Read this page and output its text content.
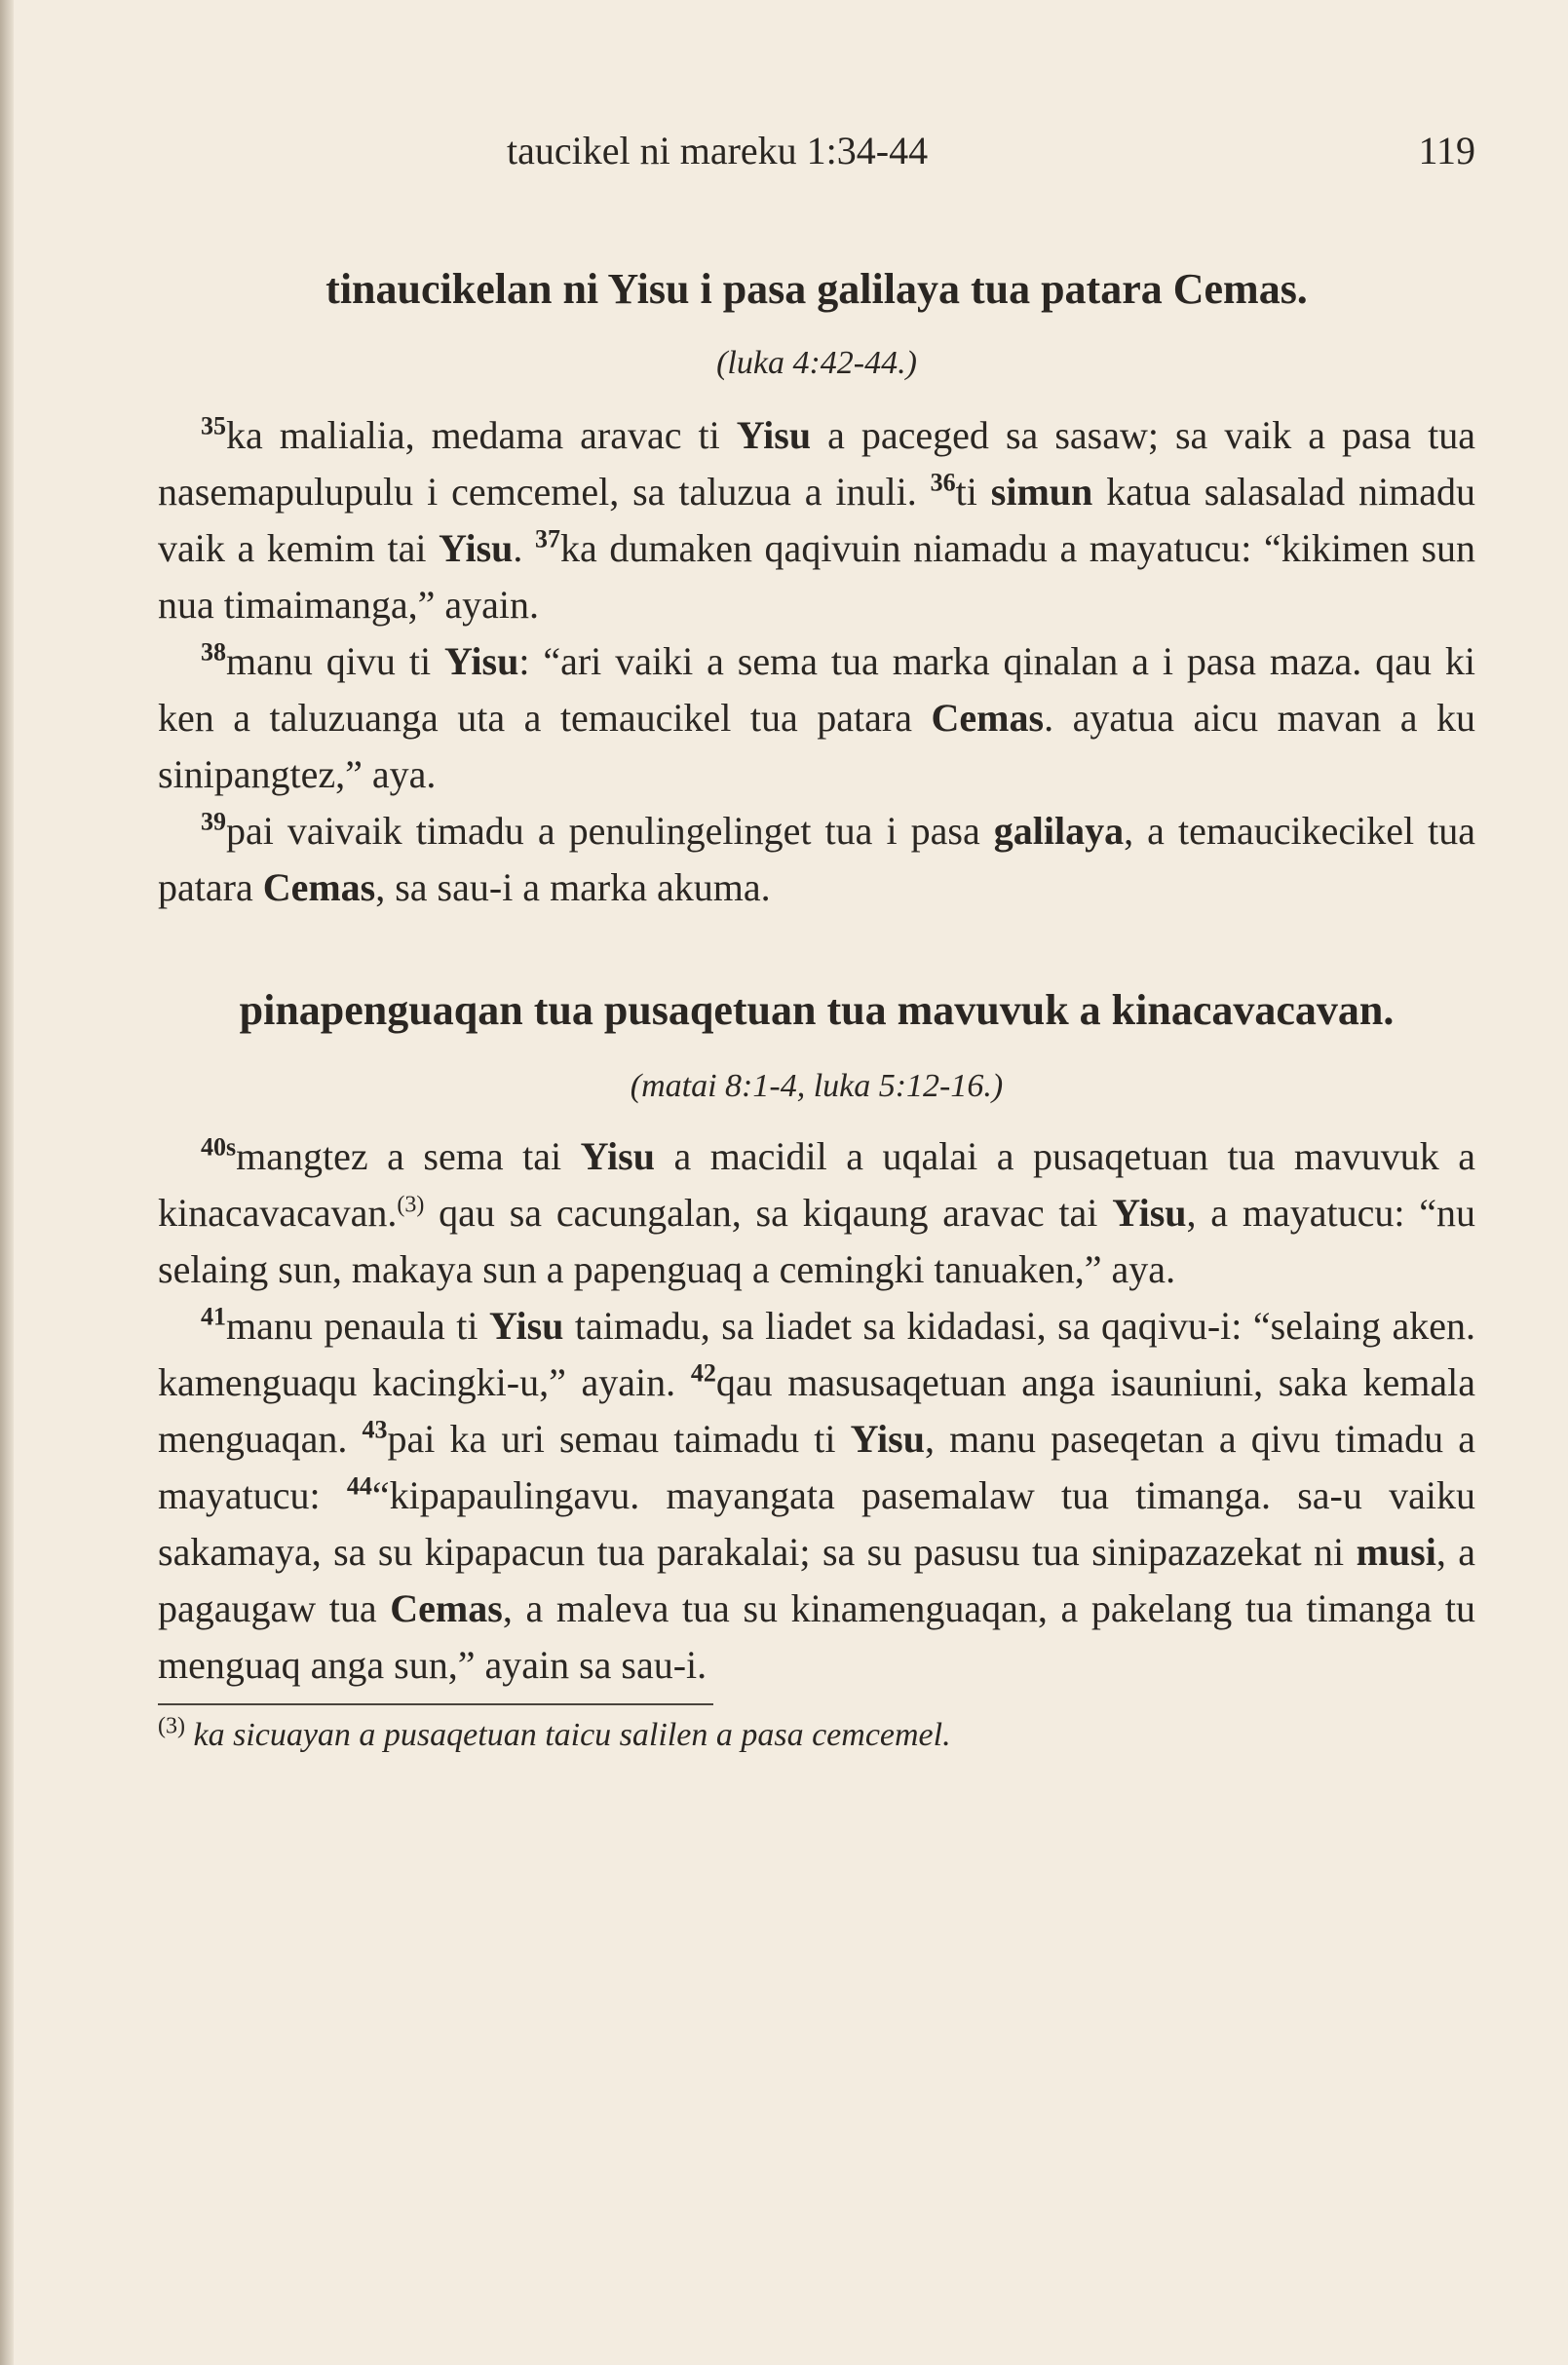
taucikel ni mareku 1:34-44	119
tinaucikelan ni Yisu i pasa galilaya tua patara Cemas.
(luka 4:42-44.)

$^{35}$ka malialia, medama aravac ti Yisu a paceged sa sasaw; sa vaik a pasa tua nasemapulupulu i cemcemel, sa taluzua a inuli. $^{36}$ti simun katua salasalad nimadu vaik a kemim tai Yisu. $^{37}$ka dumaken qaqivuin niamadu a mayatucu: “kikimen sun nua timaimanga,” ayain.

$^{38}$manu qivu ti Yisu: “ari vaiki a sema tua marka qinalan a i pasa maza. qau ki ken a taluzuanga uta a temaucikel tua patara Cemas. ayatua aicu mavan a ku sinipangtez,” aya.

$^{39}$pai vaivaik timadu a penulingelinget tua i pasa galilaya, a temaucikecikel tua patara Cemas, sa sau-i a marka akuma.

pinapenguaqan tua pusaqetuan tua mavuvuk a kinacavacavan.
(matai 8:1-4, luka 5:12-16.)

$^{40s}$mangtez a sema tai Yisu a macidil a uqalai a pusaqetuan tua mavuvuk a kinacavacavan.$^{(3)}$ qau sa cacungalan, sa kiqaung aravac tai Yisu, a mayatucu: “nu selaing sun, makaya sun a papenguaq a cemingki tanuaken,” aya.

$^{41}$manu penaula ti Yisu taimadu, sa liadet sa kidadasi, sa qaqivu-i: “selaing aken. kamenguaqu kacingki-u,” ayain. $^{42}$qau masusaqetuan anga isauniuni, saka kemala menguaqan. $^{43}$pai ka uri semau taimadu ti Yisu, manu paseqetan a qivu timadu a mayatucu: $^{44}$“kipapaulingavu. mayangata pasemalaw tua timanga. sa-u vaiku sakamaya, sa su kipapacun tua parakalai; sa su pasusu tua sinipazazekat ni musi, a pagaugaw tua Cemas, a maleva tua su kinamenguaqan, a pakelang tua timanga tu menguaq anga sun,” ayain sa sau-i.

$^{(3)}$ ka sicuayan a pusaqetuan taicu salilen a pasa cemcemel.
